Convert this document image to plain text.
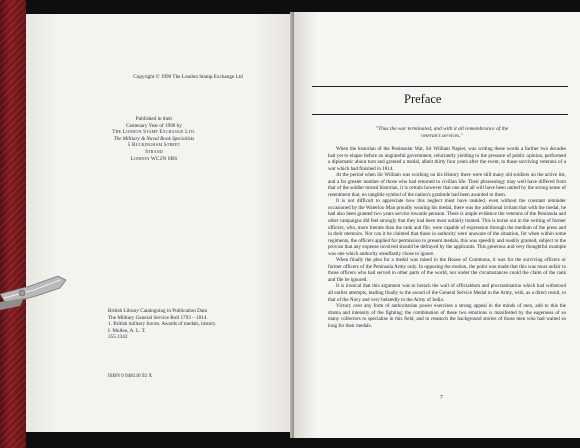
Copyright © 1990 The London Stamp Exchange Ltd
Published in their
Centenary Year of 1990 by
The London Stamp Exchange Ltd.
The Military & Naval Book Specialists
5 Buckingham Street
Strand
London WC2N 6BS
British Library Cataloguing in Publication Data
The Military General Service Roll 1793 – 1814.
1. British military forces. Awards of medals, history
I. Mullen, A. L. T.
355.1342
ISBN 0 948130 92 X
Preface
"Thus the war terminated, and with it all remembrance of the
veteran's services."

When the historian of the Peninsular War, Sir William Napier, was writing these words a further two decades had yet to elapse before an ungrateful government, reluctantly yielding to the pressure of public opinion, performed a diplomatic about turn and granted a medal, albeit thirty four years after the event, to those surviving veterans of a war which had finished in 1814.

At the period when Sir William was working on his History there were still many old soldiers on the active list, and a far greater number of those who had returned to civilian life. Their phraseology may well have differed from that of the soldier turned historian, it is certain however that one and all will have been united by the strong sense of resentment that, no tangible symbol of the nation's gratitude had been awarded to them.

It is not difficult to appreciate how this neglect must have rankled, even without the constant reminder occasioned by the Waterloo Man proudly wearing his medal, there was the additional irritant that with the medal, he had also been granted two years service towards pension. There is ample evidence the veterans of the Peninsula and other campaigns did feel strongly that they had been most unfairly treated. This is borne out in the writing of former officers, who, more literate than the rank and file, were capable of expression through the medium of the press and in their memoirs. Nor can it be claimed that those in authority were unaware of the situation, for when within some regiments, the officers applied for permission to present medals, this was speedily and readily granted, subject to the proviso that any expense involved should be defrayed by the applicants. This generous and very thoughtful example was one which authority steadfastly chose to ignore.

When finally the plea for a medal was raised in the House of Commons, it was for the surviving officers or former officers of the Peninsula Army only. In opposing the motion, the point was made that this was most unfair to those officers who had served in other parts of the world, nor under the circumstances could the claim of the rank and file be ignored.

It is ironical that this argument was to breach the wall of officialdom and procrastination which had withstood all earlier attempts, leading finally to the award of the General Service Medal to the Army, with, as a direct result, to that of the Navy and very belatedly to the Army of India.

Victory over any form of authoritarian power exercises a strong appeal in the minds of men, add to this the drama and intensity of the fighting; the combination of these two emotions is manifested by the eagerness of so many collectors to specialise in this field, and to research the background stories of those men who had waited so long for their medals.

7
